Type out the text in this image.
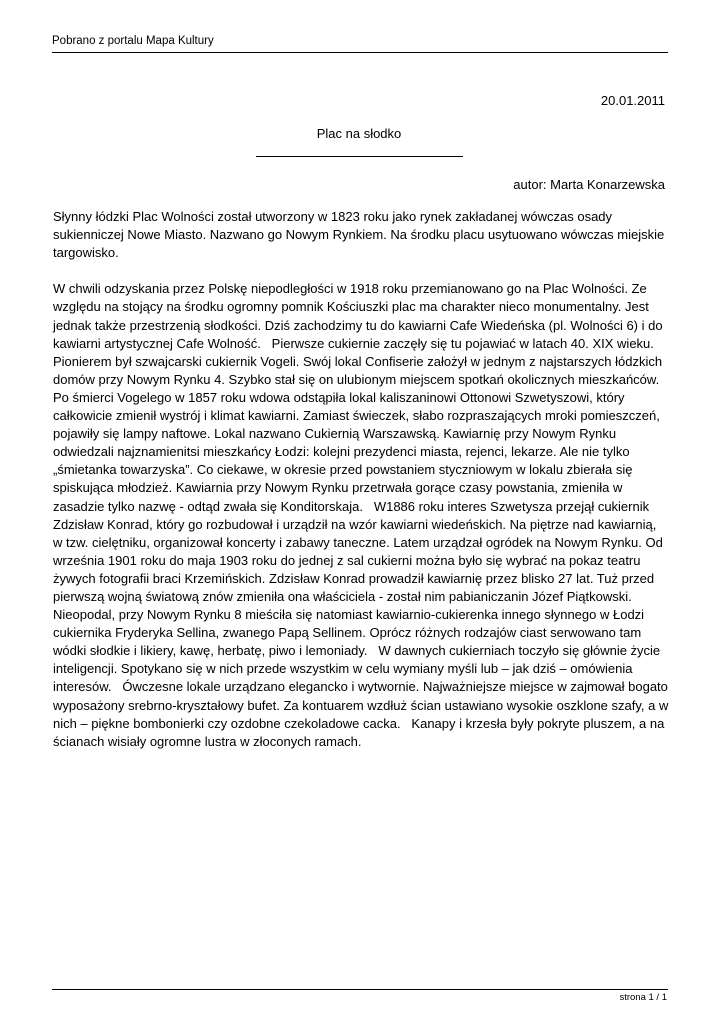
Pobrano z portalu Mapa Kultury
20.01.2011
Plac na słodko
autor: Marta Konarzewska

Słynny łódzki Plac Wolności został utworzony w 1823 roku jako rynek zakładanej wówczas osady sukienniczej Nowe Miasto. Nazwano go Nowym Rynkiem. Na środku placu usytuowano wówczas miejskie targowisko.

W chwili odzyskania przez Polskę niepodległości w 1918 roku przemianowano go na Plac Wolności. Ze względu na stojący na środku ogromny pomnik Kościuszki plac ma charakter nieco monumentalny. Jest jednak także przestrzenią słodkości. Dziś zachodzimy tu do kawiarni Cafe Wiedeńska (pl. Wolności 6) i do kawiarni artystycznej Cafe Wolność.   Pierwsze cukiernie zaczęły się tu pojawiać w latach 40. XIX wieku. Pionierem był szwajcarski cukiernik Vogeli. Swój lokal Confiserie założył w jednym z najstarszych łódzkich domów przy Nowym Rynku 4. Szybko stał się on ulubionym miejscem spotkań okolicznych mieszkańców.   Po śmierci Vogelego w 1857 roku wdowa odstąpiła lokal kaliszaninowi Ottonowi Szwetyszowi, który całkowicie zmienił wystrój i klimat kawiarni. Zamiast świeczek, słabo rozpraszających mroki pomieszczeń, pojawiły się lampy naftowe. Lokal nazwano Cukiernią Warszawską. Kawiarnię przy Nowym Rynku odwiedzali najznamienitsi mieszkańcy Łodzi: kolejni prezydenci miasta, rejenci, lekarze. Ale nie tylko „śmietanka towarzyska”. Co ciekawe, w okresie przed powstaniem styczniowym w lokalu zbierała się spiskująca młodzież. Kawiarnia przy Nowym Rynku przetrwała gorące czasy powstania, zmieniła w zasadzie tylko nazwę - odtąd zwała się Konditorskaja.   W1886 roku interes Szwetysza przejął cukiernik Zdzisław Konrad, który go rozbudował i urządził na wzór kawiarni wiedeńskich. Na piętrze nad kawiarnią, w tzw. cielętniku, organizował koncerty i zabawy taneczne. Latem urządzał ogródek na Nowym Rynku. Od września 1901 roku do maja 1903 roku do jednej z sal cukierni można było się wybrać na pokaz teatru żywych fotografii braci Krzemińskich. Zdzisław Konrad prowadził kawiarnię przez blisko 27 lat. Tuż przed pierwszą wojną światową znów zmieniła ona właściciela - został nim pabianiczanin Józef Piątkowski.   Nieopodal, przy Nowym Rynku 8 mieściła się natomiast kawiarnio-cukierenka innego słynnego w Łodzi cukiernika Fryderyka Sellina, zwanego Papą Sellinem. Oprócz różnych rodzajów ciast serwowano tam wódki słodkie i likiery, kawę, herbatę, piwo i lemoniady.   W dawnych cukierniach toczyło się głównie życie inteligencji. Spotykano się w nich przede wszystkim w celu wymiany myśli lub – jak dziś – omówienia interesów.   Ówczesne lokale urządzano elegancko i wytwornie. Najważniejsze miejsce w zajmował bogato wyposażony srebrno-kryształowy bufet. Za kontuarem wzdłuż ścian ustawiano wysokie oszklone szafy, a w nich – piękne bombonierki czy ozdobne czekoladowe cacka.   Kanapy i krzesła były pokryte pluszem, a na ścianach wisiały ogromne lustra w złoconych ramach.

strona 1 / 1
